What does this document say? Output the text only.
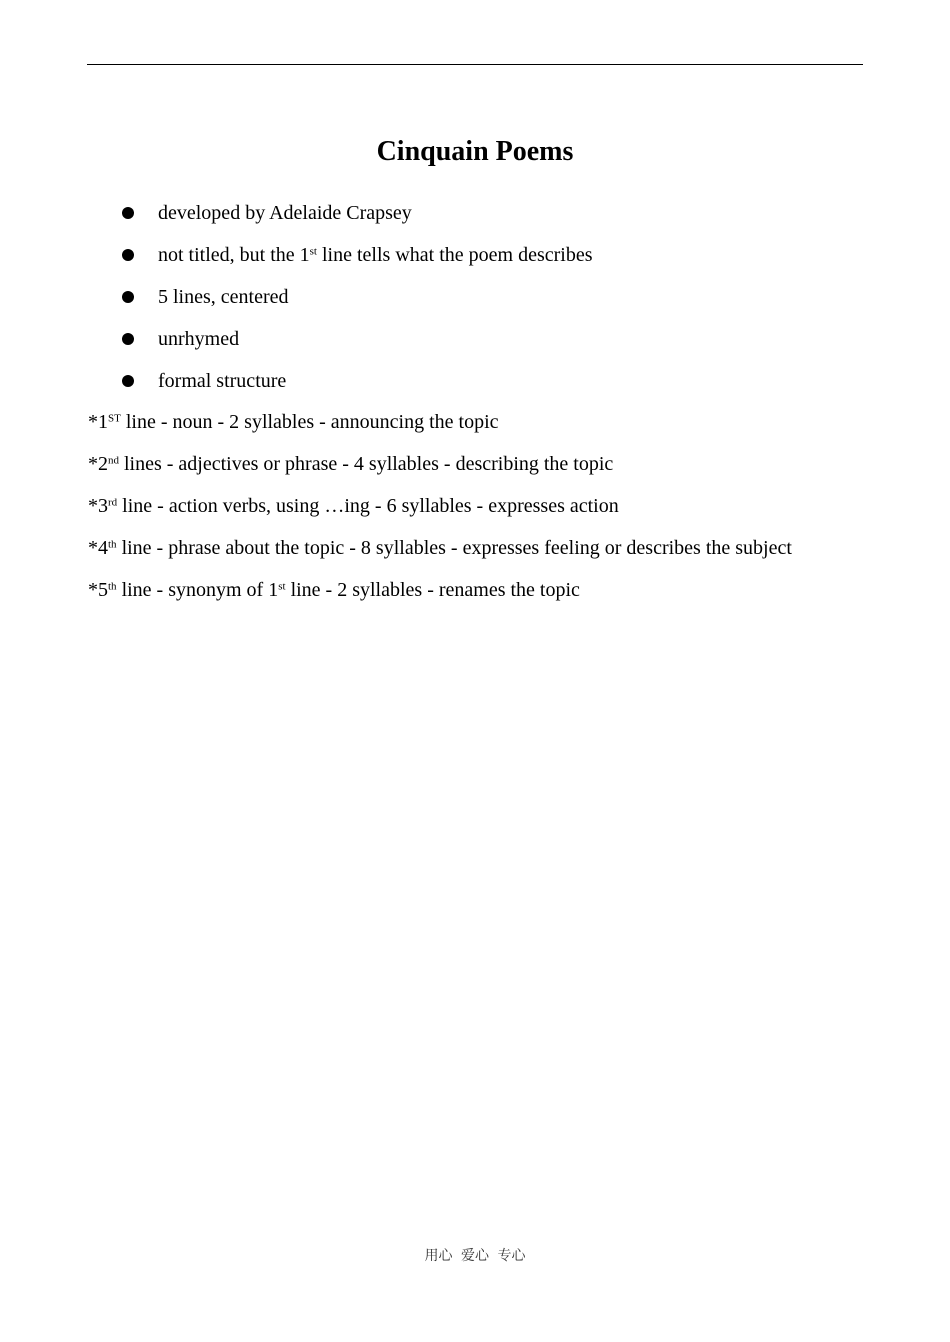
Cinquain Poems
developed by Adelaide Crapsey
not titled, but the 1st line tells what the poem describes
5 lines, centered
unrhymed
formal structure
*1ST line - noun - 2 syllables - announcing the topic
*2nd lines - adjectives or phrase - 4 syllables - describing the topic
*3rd line - action verbs, using …ing - 6 syllables - expresses action
*4th line - phrase about the topic - 8 syllables - expresses feeling or describes the subject
*5th line - synonym of 1st line - 2 syllables - renames the topic
用心 爱心 专心
